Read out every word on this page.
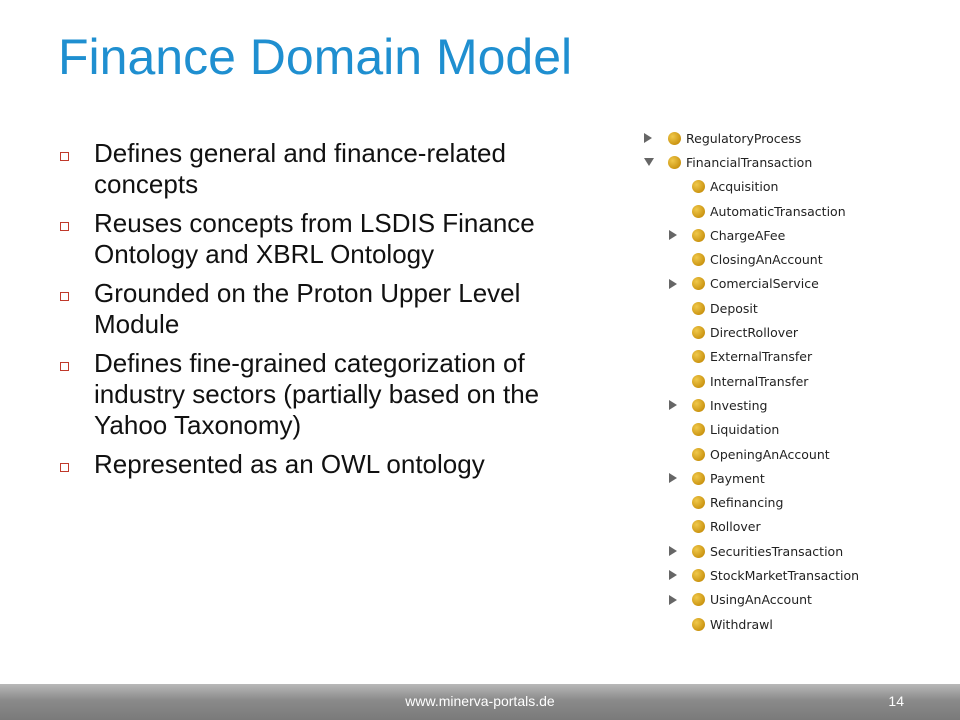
Finance Domain Model
Defines general and finance-related concepts
Reuses concepts from LSDIS Finance Ontology and XBRL Ontology
Grounded on the Proton Upper Level Module
Defines fine-grained categorization of industry sectors (partially based on the Yahoo Taxonomy)
Represented as an OWL ontology
RegulatoryProcess
FinancialTransaction
Acquisition
AutomaticTransaction
ChargeAFee
ClosingAnAccount
ComercialService
Deposit
DirectRollover
ExternalTransfer
InternalTransfer
Investing
Liquidation
OpeningAnAccount
Payment
Refinancing
Rollover
SecuritiesTransaction
StockMarketTransaction
UsingAnAccount
Withdrawl
www.minerva-portals.de	14
